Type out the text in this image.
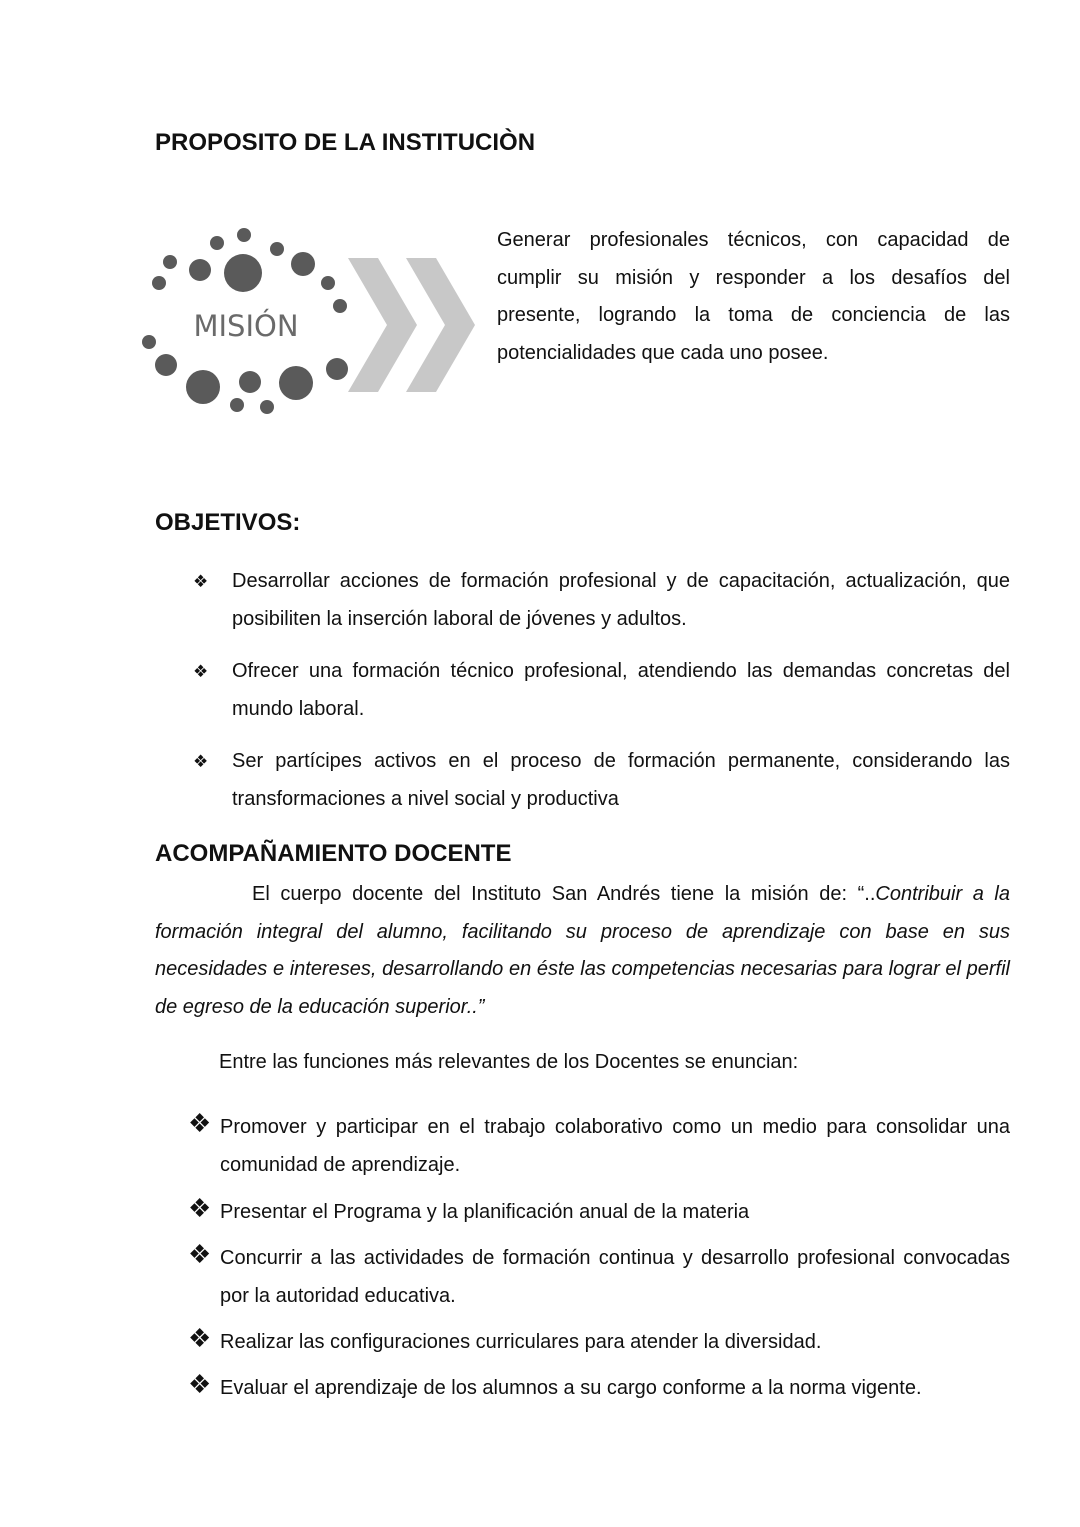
PROPOSITO DE LA INSTITUCIÒN
MISIÓN
Generar profesionales técnicos, con capacidad de cumplir su misión y responder a los desafíos del presente, logrando la toma de conciencia de las potencialidades que cada uno posee.
OBJETIVOS:
❖ Desarrollar acciones de formación profesional y de capacitación, actualización, que posibiliten la inserción laboral de jóvenes y adultos.
❖ Ofrecer una formación técnico profesional, atendiendo las demandas concretas del mundo laboral.
❖ Ser partícipes activos en el proceso de formación permanente, considerando las transformaciones a nivel social y productiva
ACOMPAÑAMIENTO DOCENTE
El cuerpo docente del Instituto San Andrés tiene la misión de: “..Contribuir a la formación integral del alumno, facilitando su proceso de aprendizaje con base en sus necesidades e intereses, desarrollando en éste las competencias necesarias para lograr el perfil de egreso de la educación superior..”
Entre las funciones más relevantes de los Docentes se enuncian:
❖ Promover y participar en el trabajo colaborativo como un medio para consolidar una comunidad de aprendizaje.
❖ Presentar el Programa y la planificación anual de la materia
❖ Concurrir a las actividades de formación continua y desarrollo profesional convocadas por la autoridad educativa.
❖ Realizar las configuraciones curriculares para atender la diversidad.
❖ Evaluar el aprendizaje de los alumnos a su cargo conforme a la norma vigente.
